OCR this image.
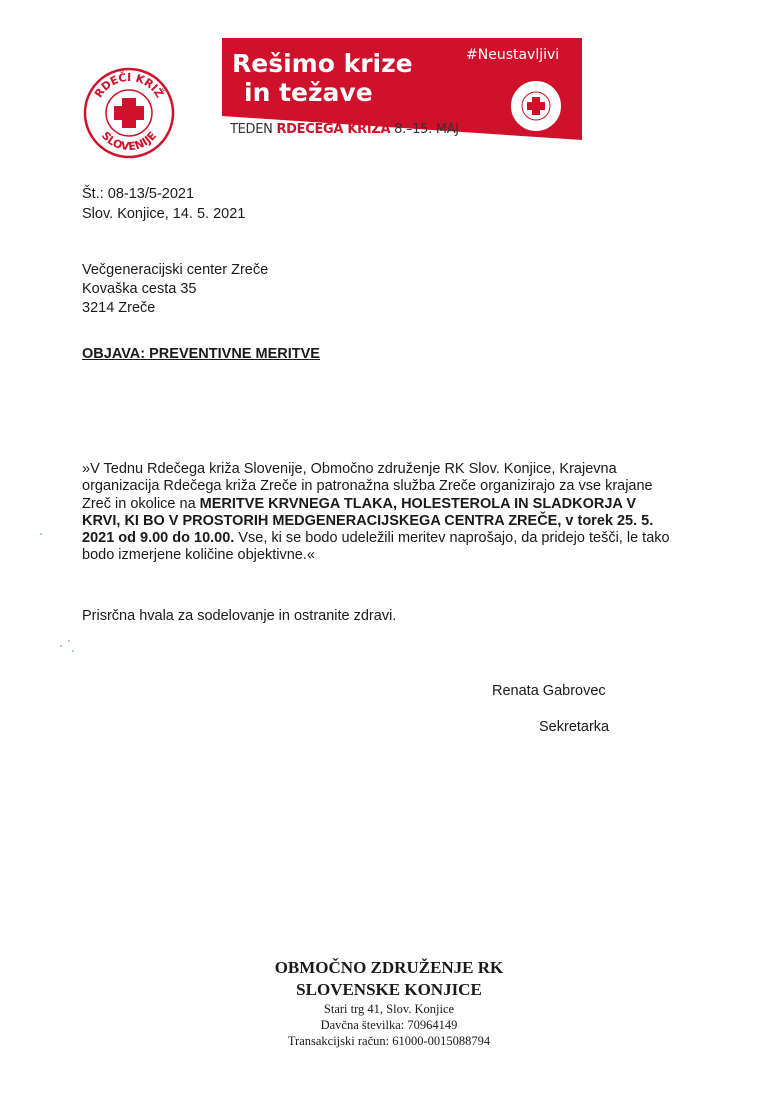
RDEČI KRIŽ
SLOVENIJE
Rešimo krize
in težave
#Neustavljivi
TEDEN RDEČEGA KRIŽA 8.–15. MAJ
Št.: 08-13/5-2021
Slov. Konjice, 14. 5. 2021
Večgeneracijski center Zreče
Kovaška cesta 35
3214 Zreče
OBJAVA: PREVENTIVNE MERITVE
»V Tednu Rdečega križa Slovenije, Območno združenje RK Slov. Konjice, Krajevna organizacija Rdečega križa Zreče in patronažna služba Zreče organizirajo za vse krajane Zreč in okolice na MERITVE KRVNEGA TLAKA, HOLESTEROLA IN SLADKORJA V KRVI, KI BO V PROSTORIH MEDGENERACIJSKEGA CENTRA ZREČE, v torek 25. 5. 2021 od 9.00 do 10.00. Vse, ki se bodo udeležili meritev naprošajo, da pridejo tešči, le tako bodo izmerjene količine objektivne.«
Prisrčna hvala za sodelovanje in ostranite zdravi.
Renata Gabrovec
Sekretarka
OBMOČNO ZDRUŽENJE RK
SLOVENSKE KONJICE
Stari trg 41, Slov. Konjice
Davčna številka: 70964149
Transakcijski račun: 61000-0015088794
